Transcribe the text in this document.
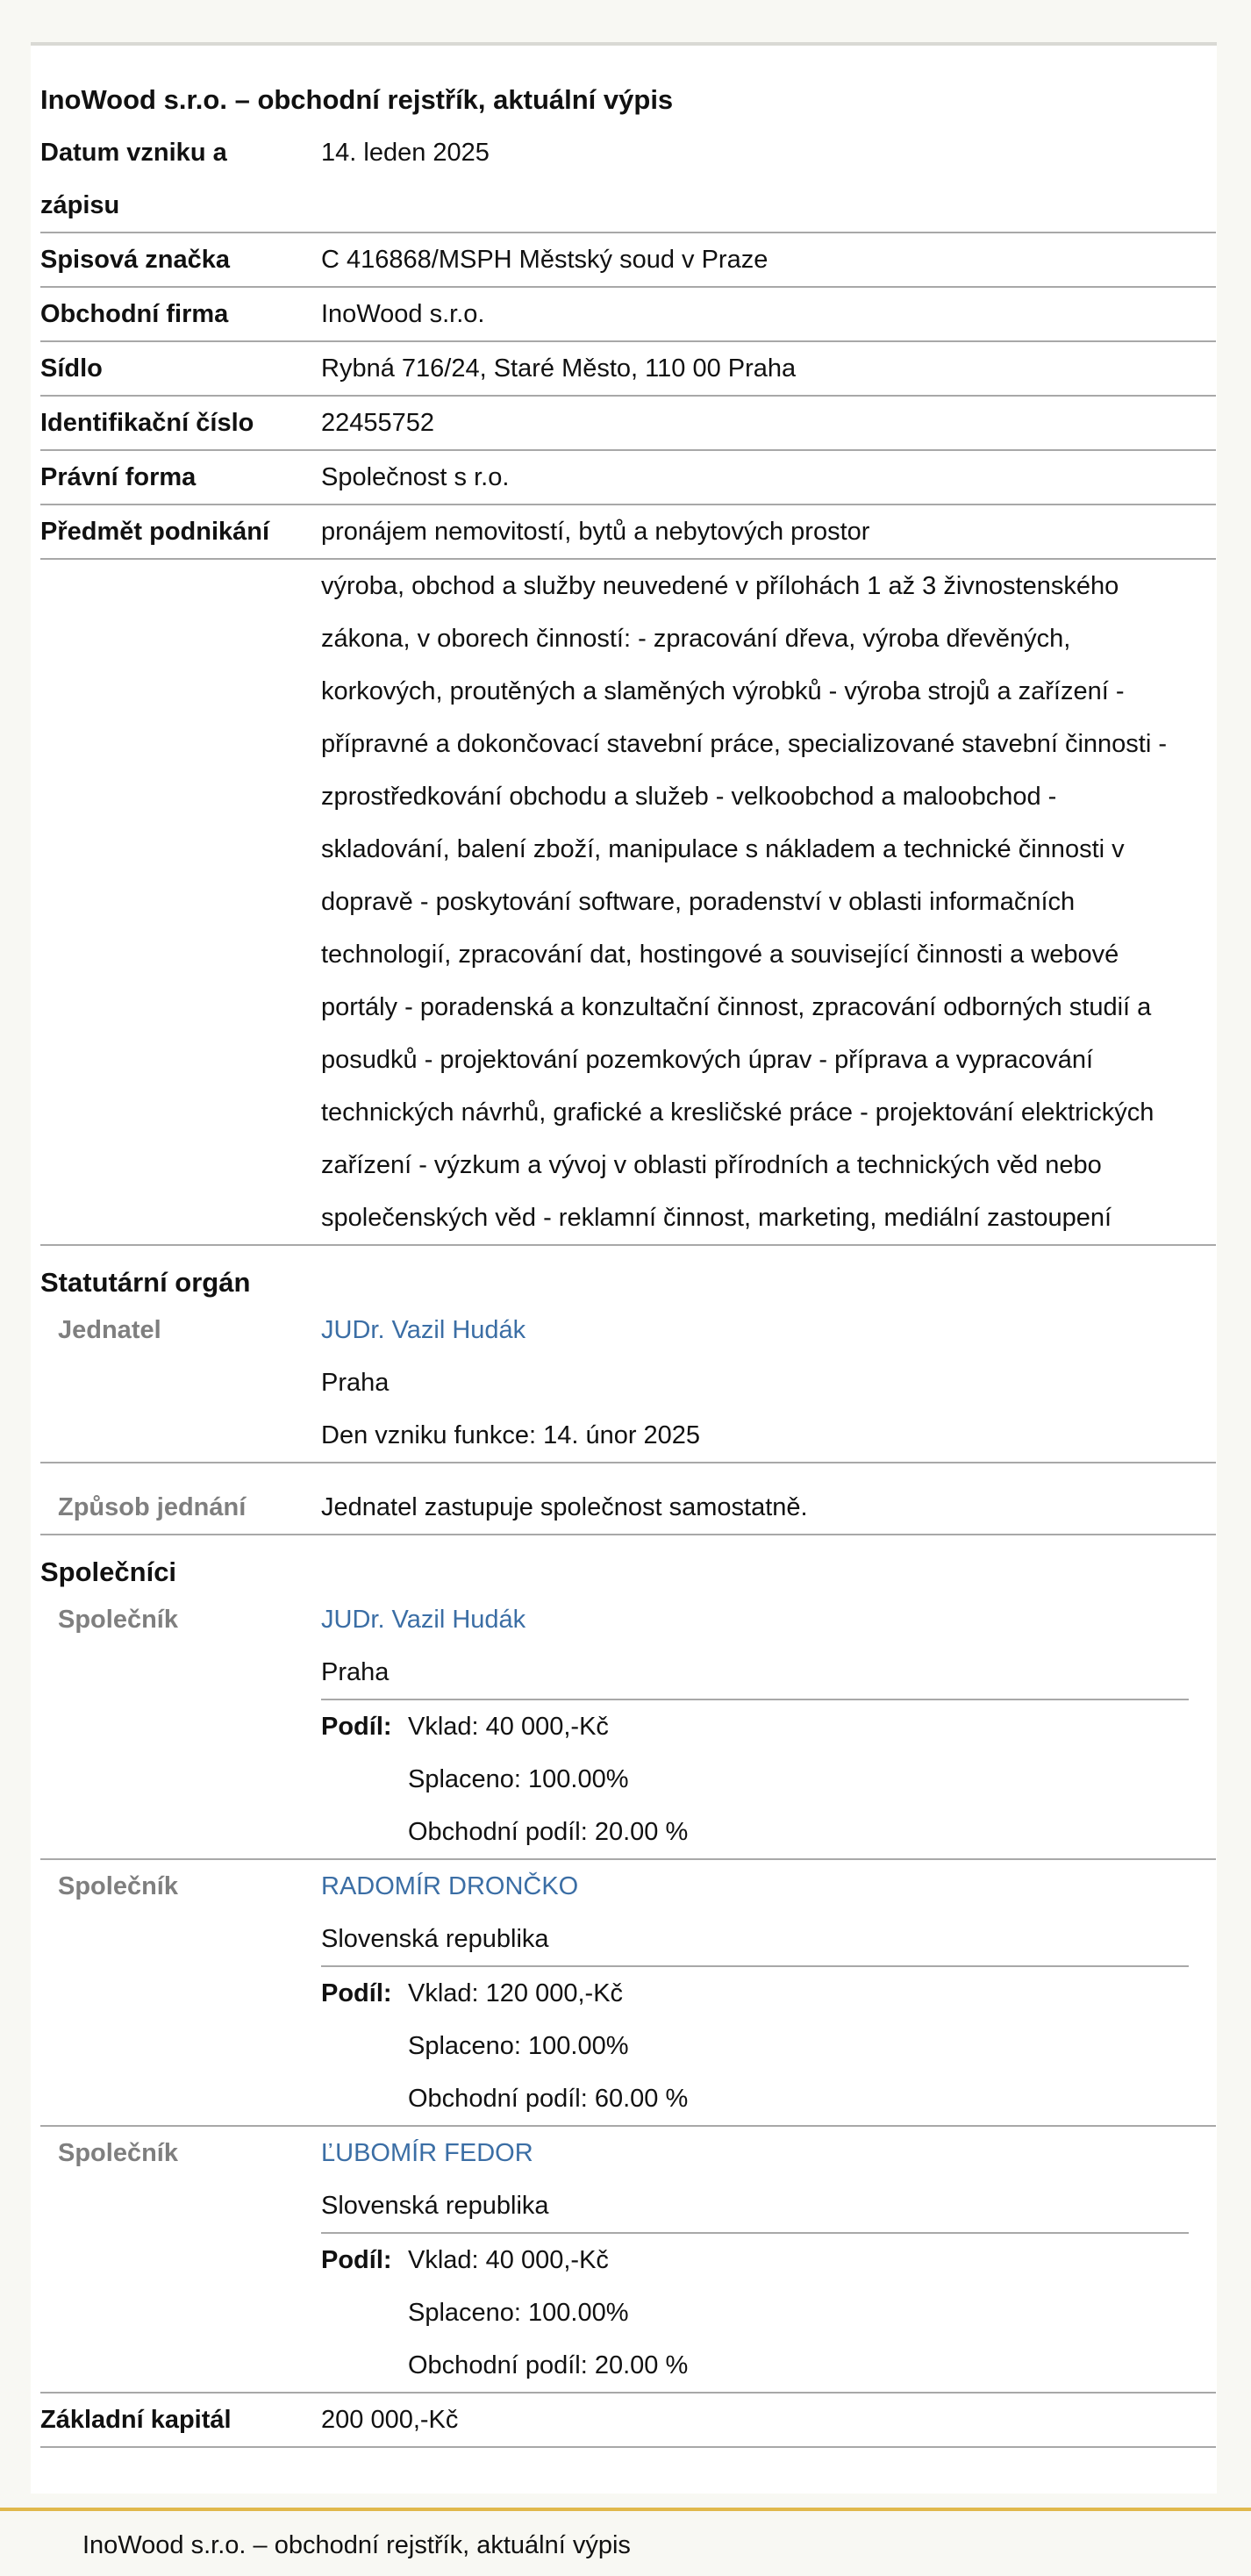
InoWood s.r.o. – obchodní rejstřík, aktuální výpis
Datum vzniku a
zápisu
14. leden 2025
Spisová značka	C 416868/MSPH Městský soud v Praze
Obchodní firma	InoWood s.r.o.
Sídlo	Rybná 716/24, Staré Město, 110 00 Praha
Identifikační číslo	22455752
Právní forma	Společnost s r.o.
Předmět podnikání	pronájem nemovitostí, bytů a nebytových prostor
výroba, obchod a služby neuvedené v přílohách 1 až 3 živnostenského
zákona, v oborech činností: - zpracování dřeva, výroba dřevěných,
korkových, proutěných a slaměných výrobků - výroba strojů a zařízení -
přípravné a dokončovací stavební práce, specializované stavební činnosti -
zprostředkování obchodu a služeb - velkoobchod a maloobchod -
skladování, balení zboží, manipulace s nákladem a technické činnosti v
dopravě - poskytování software, poradenství v oblasti informačních
technologií, zpracování dat, hostingové a související činnosti a webové
portály - poradenská a konzultační činnost, zpracování odborných studií a
posudků - projektování pozemkových úprav - příprava a vypracování
technických návrhů, grafické a kresličské práce - projektování elektrických
zařízení - výzkum a vývoj v oblasti přírodních a technických věd nebo
společenských věd - reklamní činnost, marketing, mediální zastoupení
Statutární orgán
Jednatel	JUDr. Vazil Hudák
Praha
Den vzniku funkce: 14. únor 2025
Způsob jednání	Jednatel zastupuje společnost samostatně.
Společníci
Společník	JUDr. Vazil Hudák
Praha
Podíl: Vklad: 40 000,-Kč
Splaceno: 100.00%
Obchodní podíl: 20.00 %
Společník	RADOMÍR DRONČKO
Slovenská republika
Podíl: Vklad: 120 000,-Kč
Splaceno: 100.00%
Obchodní podíl: 60.00 %
Společník	ĽUBOMÍR FEDOR
Slovenská republika
Podíl: Vklad: 40 000,-Kč
Splaceno: 100.00%
Obchodní podíl: 20.00 %
Základní kapitál	200 000,-Kč
InoWood s.r.o. – obchodní rejstřík, aktuální výpis
